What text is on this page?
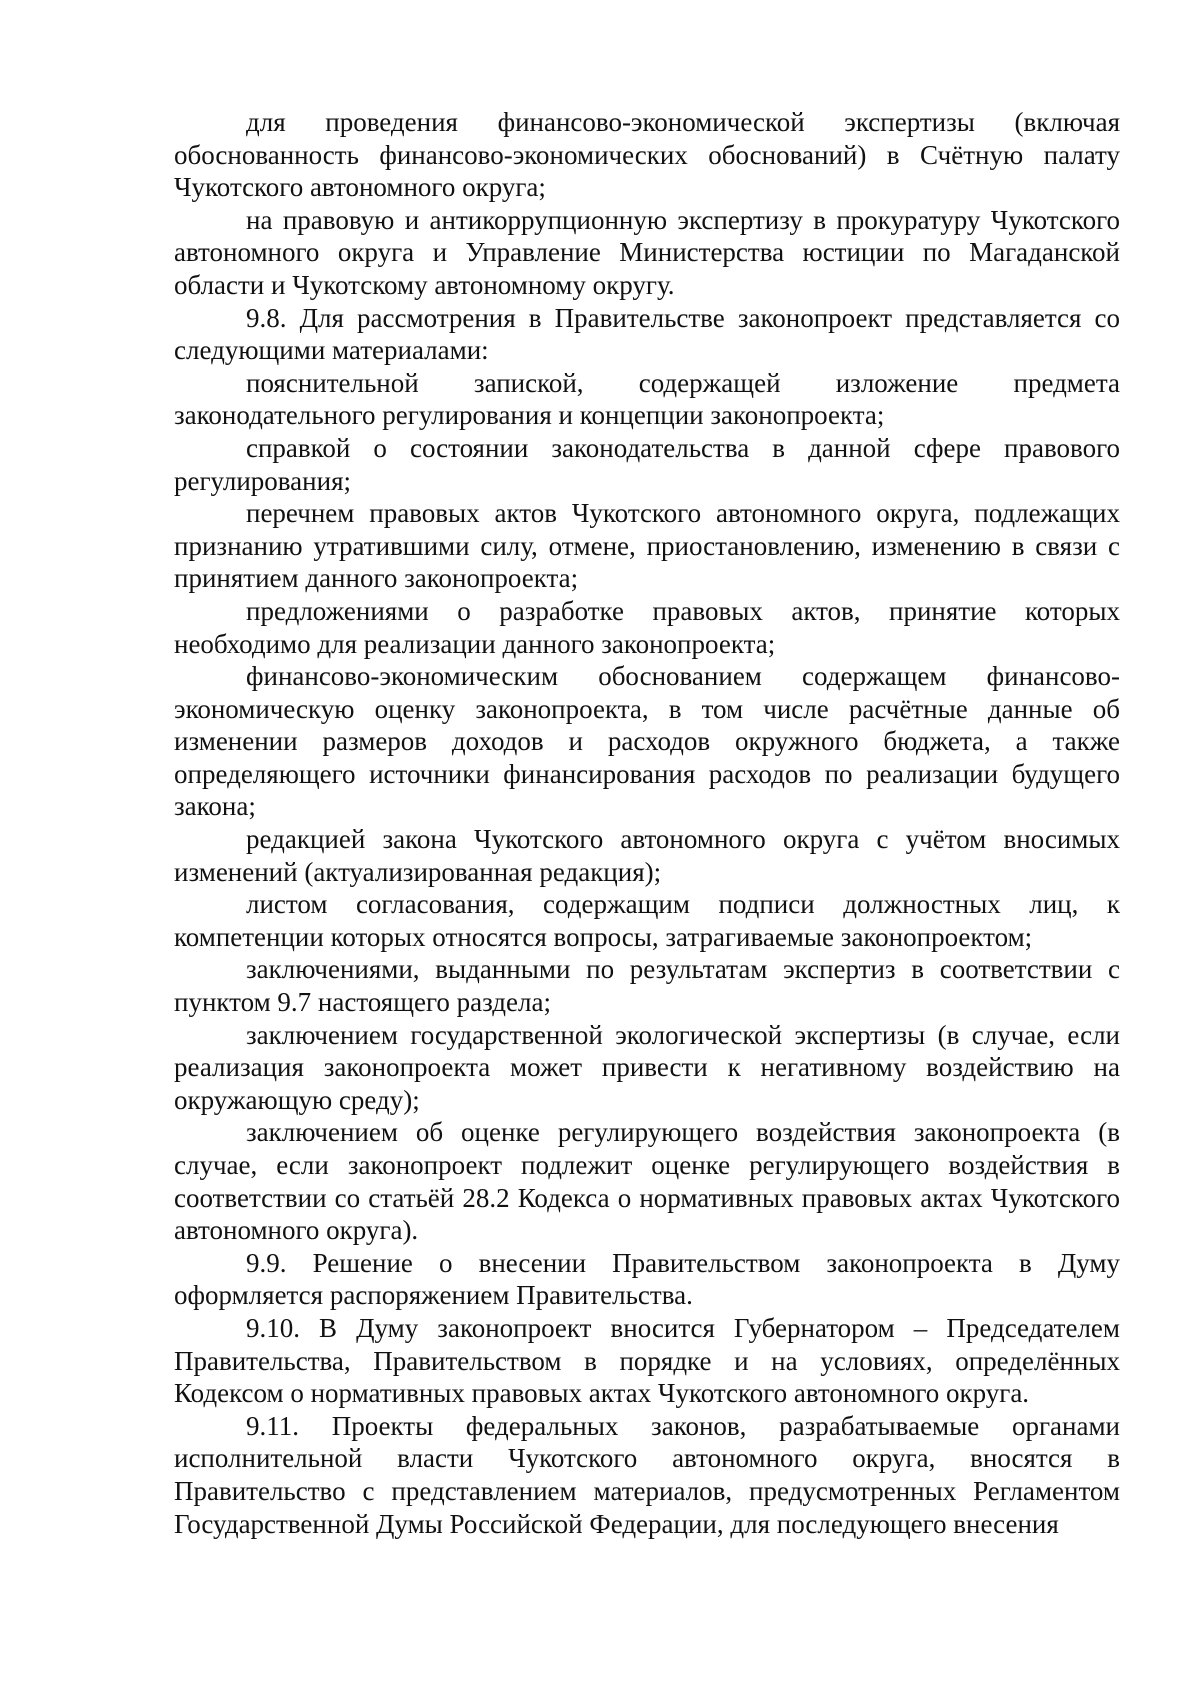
для проведения финансово-экономической экспертизы (включая обоснованность финансово-экономических обоснований) в Счётную палату Чукотского автономного округа;

на правовую и антикоррупционную экспертизу в прокуратуру Чукотского автономного округа и Управление Министерства юстиции по Магаданской области и Чукотскому автономному округу.

9.8. Для рассмотрения в Правительстве законопроект представляется со следующими материалами:

пояснительной запиской, содержащей изложение предмета законодательного регулирования и концепции законопроекта;

справкой о состоянии законодательства в данной сфере правового регулирования;

перечнем правовых актов Чукотского автономного округа, подлежащих признанию утратившими силу, отмене, приостановлению, изменению в связи с принятием данного законопроекта;

предложениями о разработке правовых актов, принятие которых необходимо для реализации данного законопроекта;

финансово-экономическим обоснованием содержащем финансово-экономическую оценку законопроекта, в том числе расчётные данные об изменении размеров доходов и расходов окружного бюджета, а также определяющего источники финансирования расходов по реализации будущего закона;

редакцией закона Чукотского автономного округа с учётом вносимых изменений (актуализированная редакция);

листом согласования, содержащим подписи должностных лиц, к компетенции которых относятся вопросы, затрагиваемые законопроектом;

заключениями, выданными по результатам экспертиз в соответствии с пунктом 9.7 настоящего раздела;

заключением государственной экологической экспертизы (в случае, если реализация законопроекта может привести к негативному воздействию на окружающую среду);

заключением об оценке регулирующего воздействия законопроекта (в случае, если законопроект подлежит оценке регулирующего воздействия в соответствии со статьёй 28.2 Кодекса о нормативных правовых актах Чукотского автономного округа).

9.9. Решение о внесении Правительством законопроекта в Думу оформляется распоряжением Правительства.

9.10. В Думу законопроект вносится Губернатором – Председателем Правительства, Правительством в порядке и на условиях, определённых Кодексом о нормативных правовых актах Чукотского автономного округа.

9.11. Проекты федеральных законов, разрабатываемые органами исполнительной власти Чукотского автономного округа, вносятся в Правительство с представлением материалов, предусмотренных Регламентом Государственной Думы Российской Федерации, для последующего внесения
